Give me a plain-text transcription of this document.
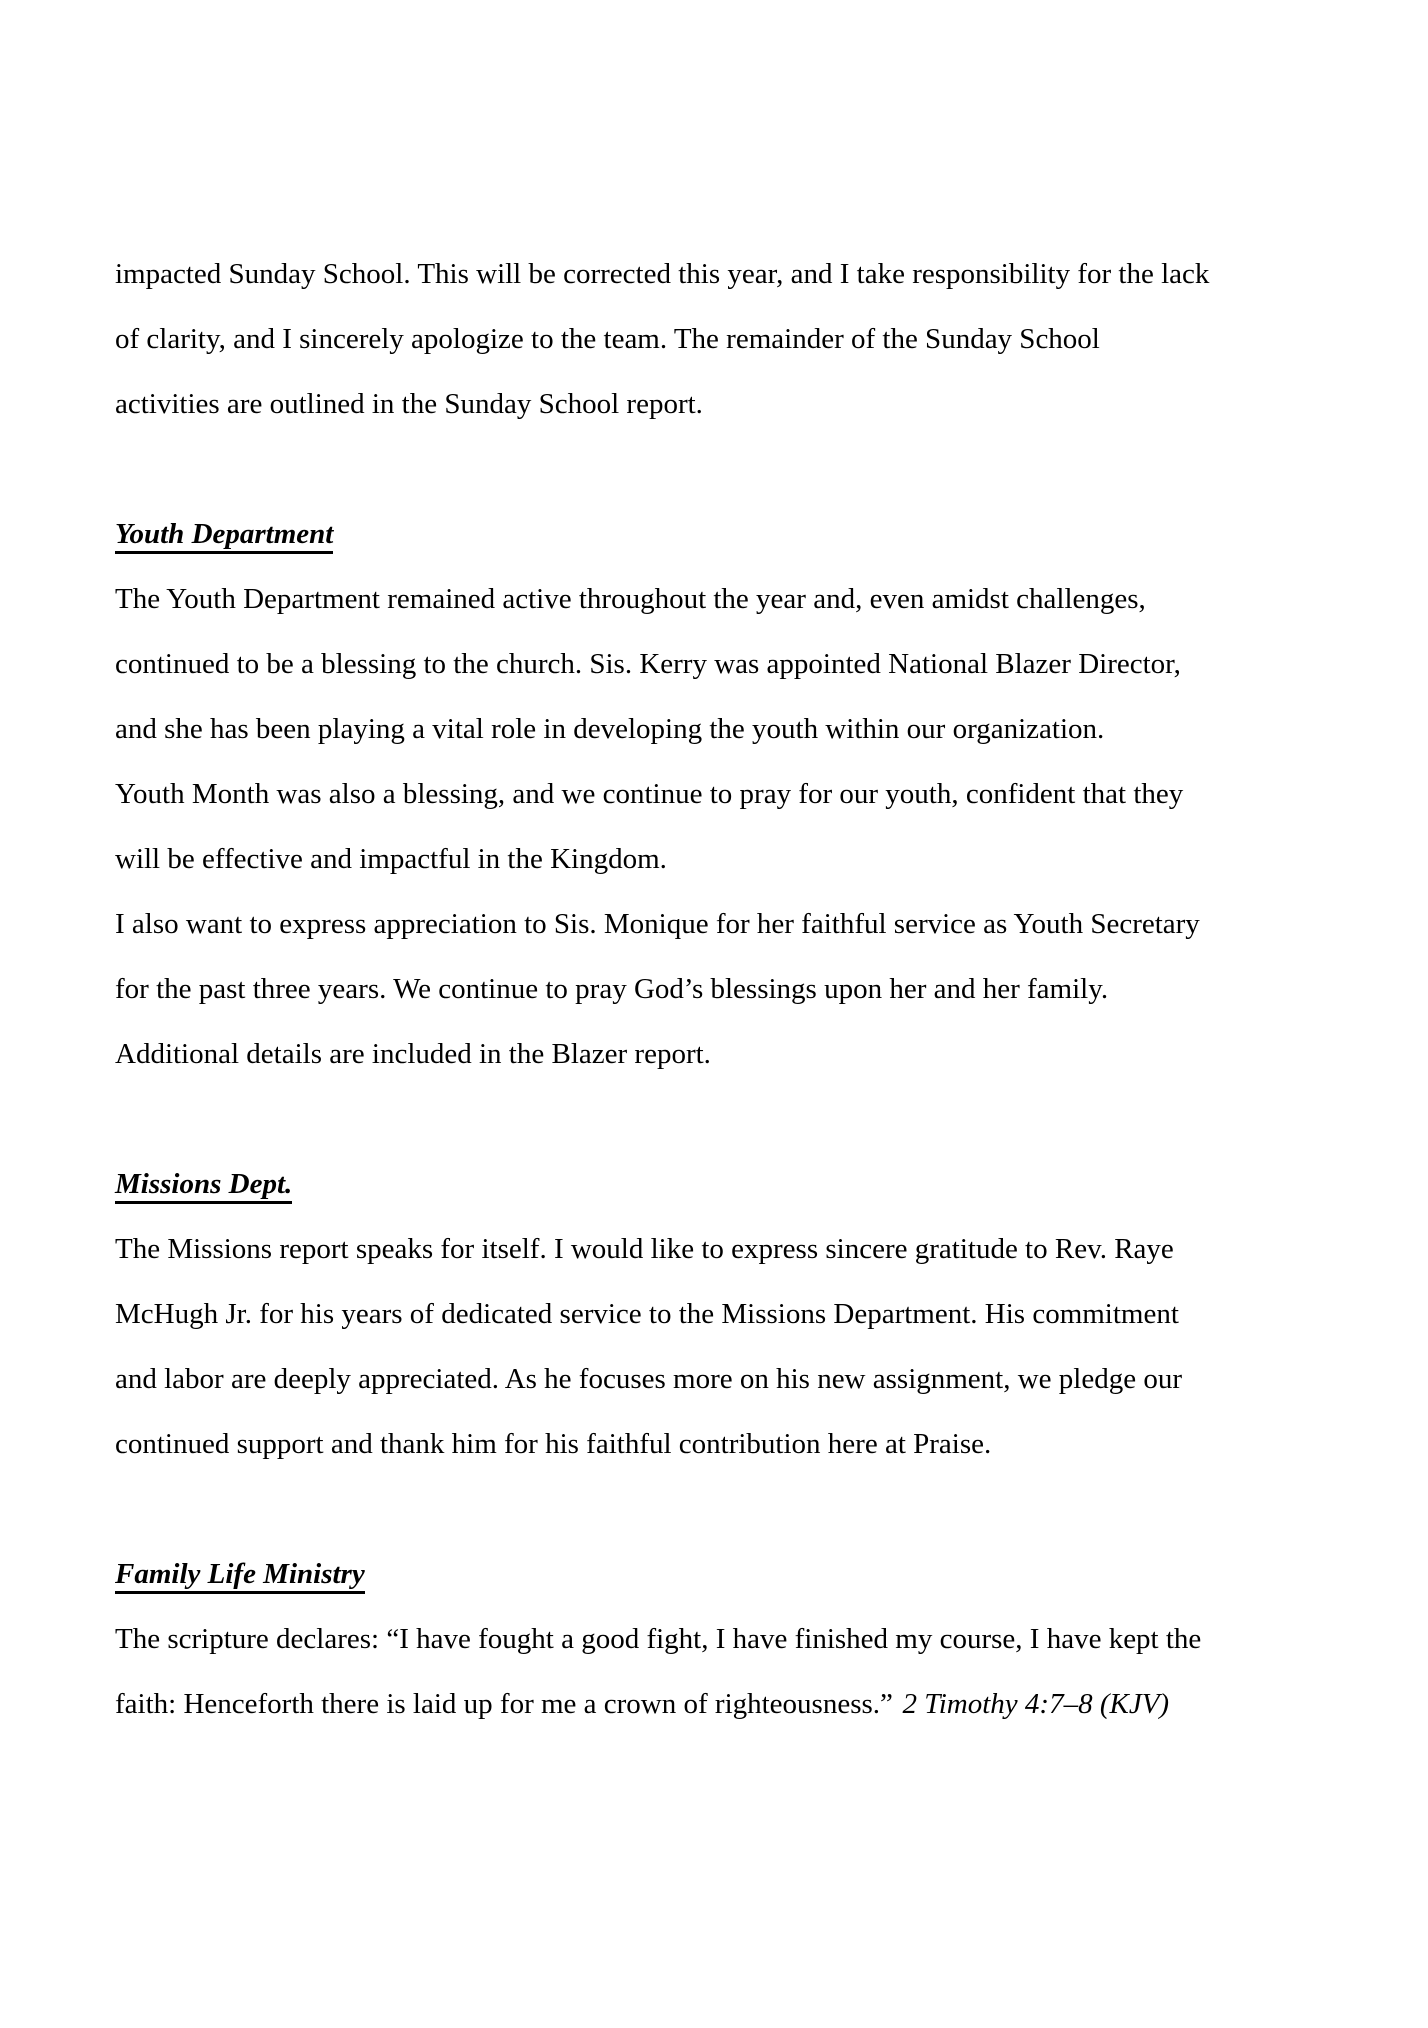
impacted Sunday School. This will be corrected this year, and I take responsibility for the lack
of clarity, and I sincerely apologize to the team. The remainder of the Sunday School
activities are outlined in the Sunday School report.
Youth Department
The Youth Department remained active throughout the year and, even amidst challenges,
continued to be a blessing to the church. Sis. Kerry was appointed National Blazer Director,
and she has been playing a vital role in developing the youth within our organization.
Youth Month was also a blessing, and we continue to pray for our youth, confident that they
will be effective and impactful in the Kingdom.
I also want to express appreciation to Sis. Monique for her faithful service as Youth Secretary
for the past three years. We continue to pray God’s blessings upon her and her family.
Additional details are included in the Blazer report.
Missions Dept.
The Missions report speaks for itself. I would like to express sincere gratitude to Rev. Raye
McHugh Jr. for his years of dedicated service to the Missions Department. His commitment
and labor are deeply appreciated. As he focuses more on his new assignment, we pledge our
continued support and thank him for his faithful contribution here at Praise.
Family Life Ministry
The scripture declares: “I have fought a good fight, I have finished my course, I have kept the
faith: Henceforth there is laid up for me a crown of righteousness.” 2 Timothy 4:7–8 (KJV)
